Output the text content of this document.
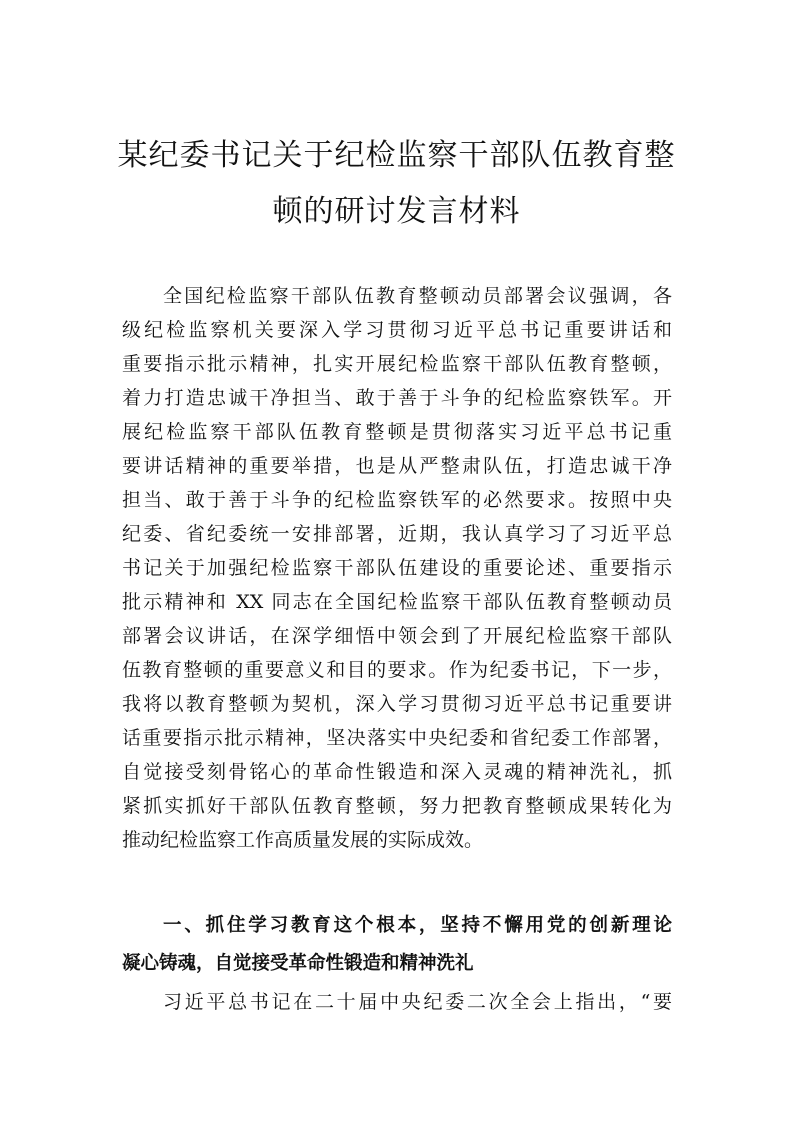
某纪委书记关于纪检监察干部队伍教育整
顿的研讨发言材料
全国纪检监察干部队伍教育整顿动员部署会议强调，各
级纪检监察机关要深入学习贯彻习近平总书记重要讲话和
重要指示批示精神，扎实开展纪检监察干部队伍教育整顿，
着力打造忠诚干净担当、敢于善于斗争的纪检监察铁军。开
展纪检监察干部队伍教育整顿是贯彻落实习近平总书记重
要讲话精神的重要举措，也是从严整肃队伍，打造忠诚干净
担当、敢于善于斗争的纪检监察铁军的必然要求。按照中央
纪委、省纪委统一安排部署，近期，我认真学习了习近平总
书记关于加强纪检监察干部队伍建设的重要论述、重要指示
批示精神和 XX 同志在全国纪检监察干部队伍教育整顿动员
部署会议讲话，在深学细悟中领会到了开展纪检监察干部队
伍教育整顿的重要意义和目的要求。作为纪委书记，下一步，
我将以教育整顿为契机，深入学习贯彻习近平总书记重要讲
话重要指示批示精神，坚决落实中央纪委和省纪委工作部署，
自觉接受刻骨铭心的革命性锻造和深入灵魂的精神洗礼，抓
紧抓实抓好干部队伍教育整顿，努力把教育整顿成果转化为
推动纪检监察工作高质量发展的实际成效。
一、抓住学习教育这个根本，坚持不懈用党的创新理论
凝心铸魂，自觉接受革命性锻造和精神洗礼
习近平总书记在二十届中央纪委二次全会上指出，“要
